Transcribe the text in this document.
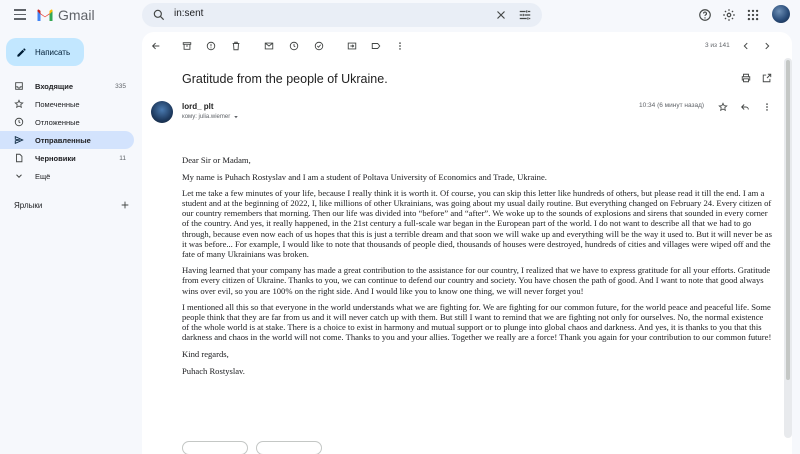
Gmail	in:sent
Написать
Входящие	335
Помеченные
Отложенные
Отправленные
Черновики	11
Ещё
Ярлыки
3 из 141
Gratitude from the people of Ukraine.
lord_ plt
кому: julia.wiemer
10:34 (6 минут назад)

Dear Sir or Madam,

My name is Puhach Rostyslav and I am a student of Poltava University of Economics and Trade, Ukraine.

Let me take a few minutes of your life, because I really think it is worth it. Of course, you can skip this letter like hundreds of others, but please read it till the end. I am a student and at the beginning of 2022, I, like millions of other Ukrainians, was going about my usual daily routine. But everything changed on February 24. Every citizen of our country remembers that morning. Then our life was divided into “before” and “after”. We woke up to the sounds of explosions and sirens that sounded in every corner of the country. And yes, it really happened, in the 21st century a full-scale war began in the European part of the world. I do not want to describe all that we had to go through, because even now each of us hopes that this is just a terrible dream and that soon we will wake up and everything will be the way it used to. But it will never be as it was before... For example, I would like to note that thousands of people died, thousands of houses were destroyed, hundreds of cities and villages were wiped off and the fate of many Ukrainians was broken.

Having learned that your company has made a great contribution to the assistance for our country, I realized that we have to express gratitude for all your efforts. Gratitude from every citizen of Ukraine. Thanks to you, we can continue to defend our country and society. You have chosen the path of good. And I want to note that good always wins over evil, so you are 100% on the right side. And I would like you to know one thing, we will never forget you!

I mentioned all this so that everyone in the world understands what we are fighting for. We are fighting for our common future, for the world peace and peaceful life. Some people think that they are far from us and it will never catch up with them. But still I want to remind that we are fighting not only for ourselves. No, the normal existence of the whole world is at stake. There is a choice to exist in harmony and mutual support or to plunge into global chaos and darkness. And yes, it is thanks to you that this darkness and chaos in the world will not come. Thanks to you and your allies. Together we really are a force! Thank you again for your contribution to our common future!

Kind regards,

Puhach Rostyslav.
